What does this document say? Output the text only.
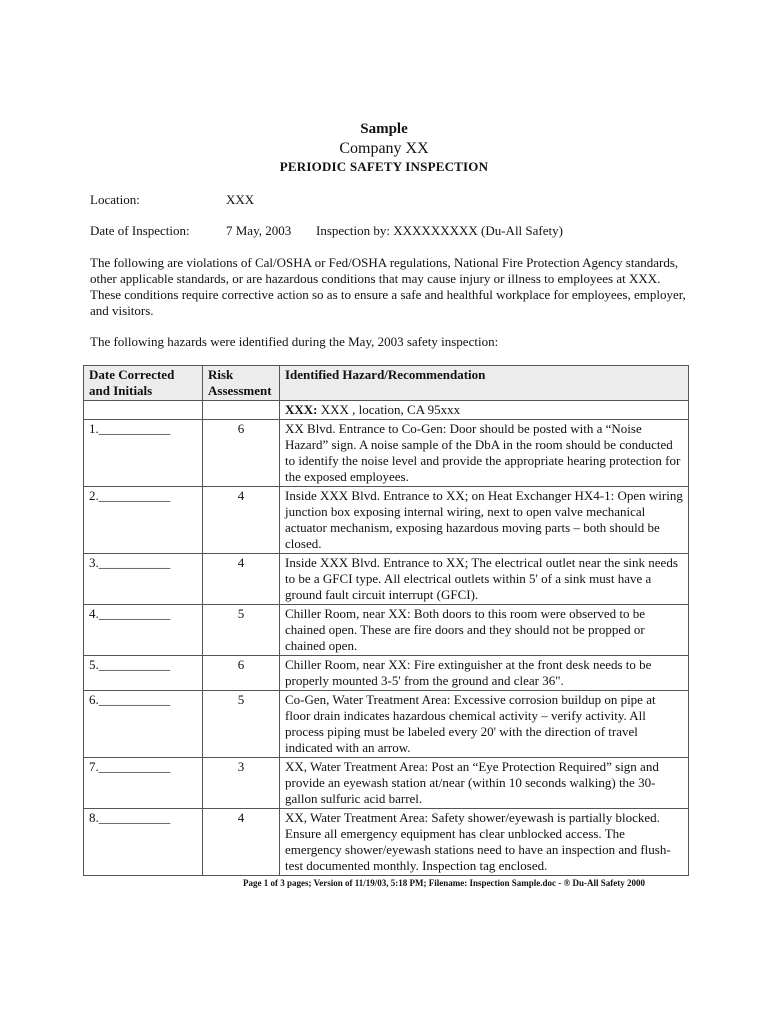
Sample
Company XX
PERIODIC SAFETY INSPECTION
Location:	XXX
Date of Inspection:	7 May, 2003 Inspection by: XXXXXXXXX (Du-All Safety)
The following are violations of Cal/OSHA or Fed/OSHA regulations, National Fire Protection Agency standards, other applicable standards, or are hazardous conditions that may cause injury or illness to employees at XXX. These conditions require corrective action so as to ensure a safe and healthful workplace for employees, employer, and visitors.
The following hazards were identified during the May, 2003 safety inspection:
Date Corrected and Initials	Risk Assessment	Identified Hazard/Recommendation
		XXX: XXX , location, CA 95xxx
1.___________	6	XX Blvd. Entrance to Co-Gen: Door should be posted with a “Noise Hazard” sign. A noise sample of the DbA in the room should be conducted to identify the noise level and provide the appropriate hearing protection for the exposed employees.
2.___________	4	Inside XXX Blvd. Entrance to XX; on Heat Exchanger HX4-1: Open wiring junction box exposing internal wiring, next to open valve mechanical actuator mechanism, exposing hazardous moving parts – both should be closed.
3.___________	4	Inside XXX Blvd. Entrance to XX; The electrical outlet near the sink needs to be a GFCI type. All electrical outlets within 5' of a sink must have a ground fault circuit interrupt (GFCI).
4.___________	5	Chiller Room, near XX: Both doors to this room were observed to be chained open. These are fire doors and they should not be propped or chained open.
5.___________	6	Chiller Room, near XX: Fire extinguisher at the front desk needs to be properly mounted 3-5' from the ground and clear 36".
6.___________	5	Co-Gen, Water Treatment Area: Excessive corrosion buildup on pipe at floor drain indicates hazardous chemical activity – verify activity. All process piping must be labeled every 20' with the direction of travel indicated with an arrow.
7.___________	3	XX, Water Treatment Area: Post an “Eye Protection Required” sign and provide an eyewash station at/near (within 10 seconds walking) the 30-gallon sulfuric acid barrel.
8.___________	4	XX, Water Treatment Area: Safety shower/eyewash is partially blocked. Ensure all emergency equipment has clear unblocked access. The emergency shower/eyewash stations need to have an inspection and flush-test documented monthly. Inspection tag enclosed.
Page 1 of 3 pages; Version of 11/19/03, 5:18 PM; Filename: Inspection Sample.doc - ® Du-All Safety 2000
